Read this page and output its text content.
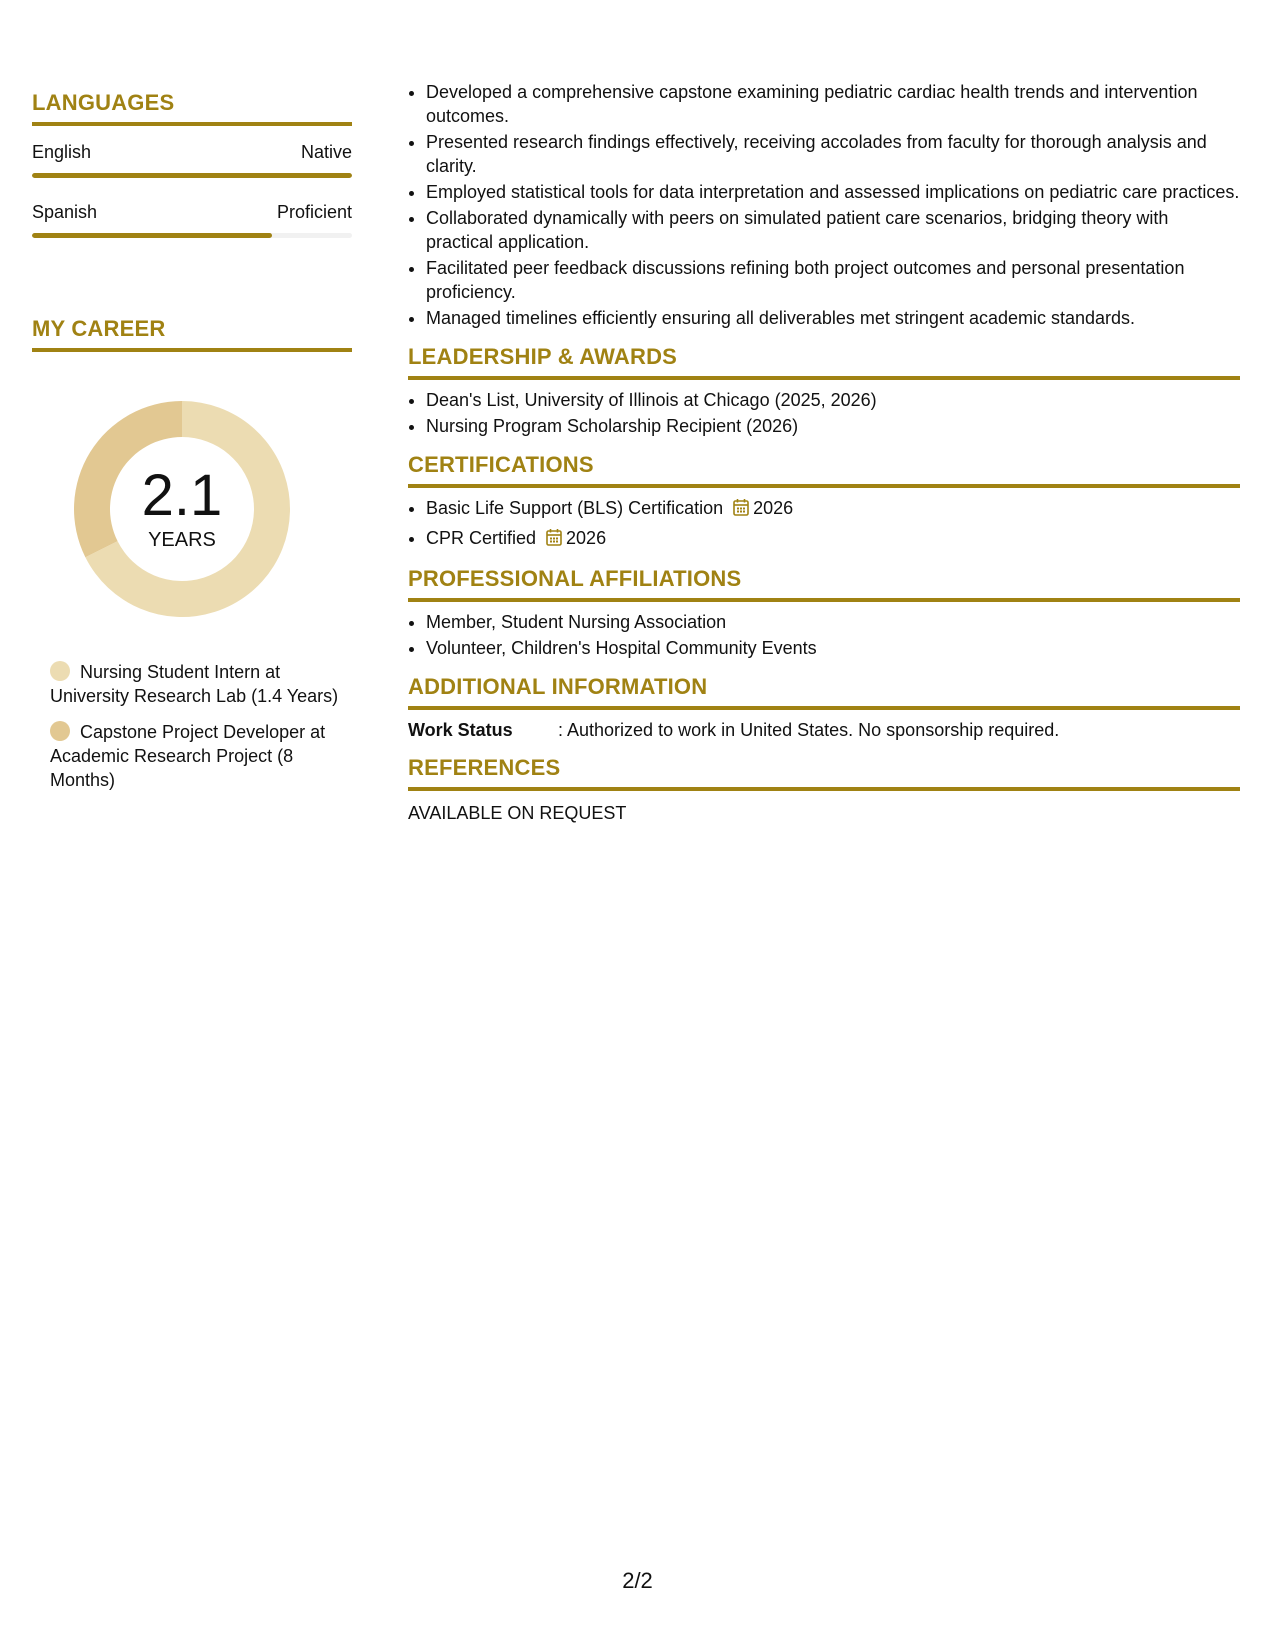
LANGUAGES
English	Native
Spanish	Proficient
MY CAREER
2.1
YEARS
Nursing Student Intern at University Research Lab (1.4 Years)
Capstone Project Developer at Academic Research Project (8 Months)
• Developed a comprehensive capstone examining pediatric cardiac health trends and intervention outcomes.
• Presented research findings effectively, receiving accolades from faculty for thorough analysis and clarity.
• Employed statistical tools for data interpretation and assessed implications on pediatric care practices.
• Collaborated dynamically with peers on simulated patient care scenarios, bridging theory with practical application.
• Facilitated peer feedback discussions refining both project outcomes and personal presentation proficiency.
• Managed timelines efficiently ensuring all deliverables met stringent academic standards.
LEADERSHIP & AWARDS
• Dean's List, University of Illinois at Chicago (2025, 2026)
• Nursing Program Scholarship Recipient (2026)
CERTIFICATIONS
• Basic Life Support (BLS) Certification 2026
• CPR Certified 2026
PROFESSIONAL AFFILIATIONS
• Member, Student Nursing Association
• Volunteer, Children's Hospital Community Events
ADDITIONAL INFORMATION
Work Status	: Authorized to work in United States. No sponsorship required.
REFERENCES
AVAILABLE ON REQUEST
2/2
